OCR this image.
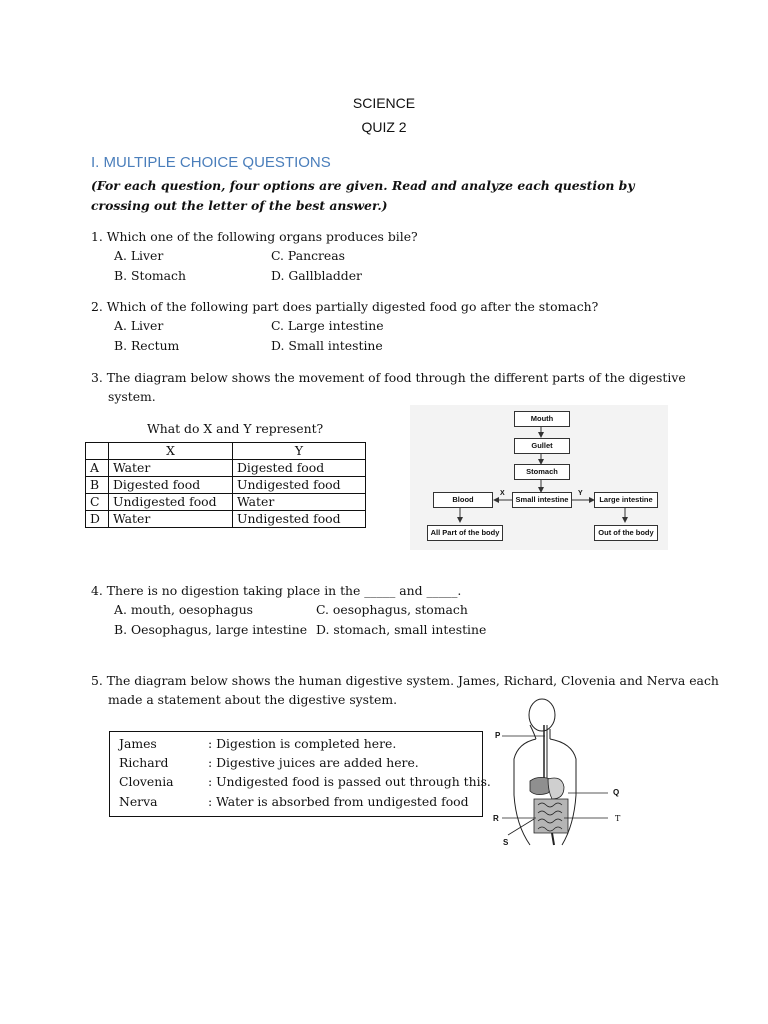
SCIENCE
QUIZ 2
I. MULTIPLE CHOICE QUESTIONS
(For each question, four options are given. Read and analyze each question by crossing out the letter of the best answer.)
1. Which one of the following organs produces bile?
A. Liver	C. Pancreas
B. Stomach	D. Gallbladder
2. Which of the following part does partially digested food go after the stomach?
A. Liver	C. Large intestine
B. Rectum	D. Small intestine
3. The diagram below shows the movement of food through the different parts of the digestive
system.
What do X and Y represent?
	X	Y
A	Water	Digested food
B	Digested food	Undigested food
C	Undigested food	Water
D	Water	Undigested food
Mouth
Gullet
Stomach
Small intestine	Large intestine
Blood
All Part of the body	Out of the body
X	Y
4. There is no digestion taking place in the _____ and _____.
A. mouth, oesophagus	C. oesophagus, stomach
B. Oesophagus, large intestine D. stomach, small intestine
5. The diagram below shows the human digestive system. James, Richard, Clovenia and Nerva each
made a statement about the digestive system.
James	: Digestion is completed here.
Richard	: Digestive juices are added here.
Clovenia	: Undigested food is passed out through this.
Nerva	: Water is absorbed from undigested food
P
Q
R	T
S
